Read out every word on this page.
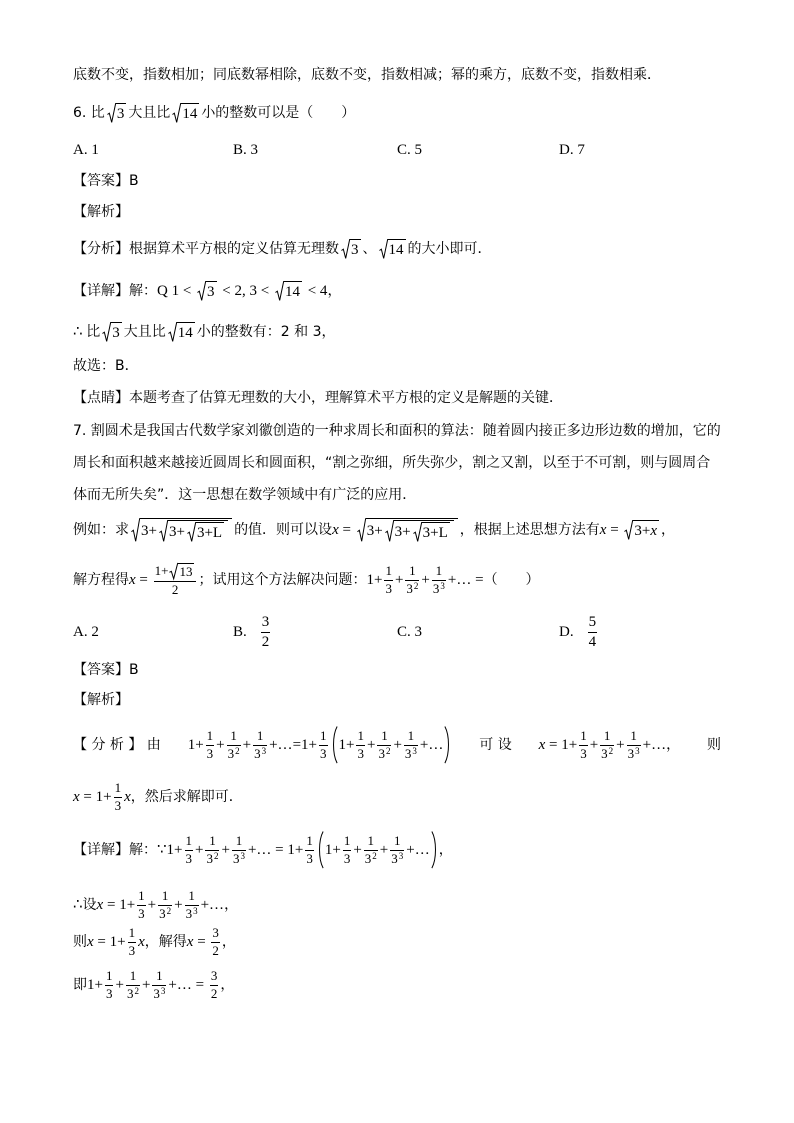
底数不变，指数相加；同底数幂相除，底数不变，指数相减；幂的乘方，底数不变，指数相乘．
6. 比 3 大且比 14 小的整数可以是（　　）
A. 1	B. 3	C. 5	D. 7
【答案】B
【解析】
【分析】根据算术平方根的定义估算无理数 3 、 14 的大小即可．
【详解】解： Q 1 < 3 < 2, 3 < 14 < 4 ，
∴ 比 3 大且比 14 小的整数有：2 和 3，
故选：B．
【点睛】本题考查了估算无理数的大小，理解算术平方根的定义是解题的关键．
7. 割圆术是我国古代数学家刘徽创造的一种求周长和面积的算法：随着圆内接正多边形边数的增加，它的
周长和面积越来越接近圆周长和圆面积，“割之弥细，所失弥少，割之又割，以至于不可割，则与圆周合
体而无所失矣”．这一思想在数学领域中有广泛的应用．
例如：求 3+ 3+ 3+L 的值．则可以设 x = 3+ 3+ 3+L ，根据上述思想方法有 x = 3+ x ，
解方程得 $x = \frac{1+ 13}{2}$ ；试用这个方法解决问题： $1+ \frac{1}{3} + \frac{1}{3 2} + \frac{1}{3 3}$ +… = （　　）
A. 2	B. $\frac{3}{2}$	C. 3	D. $\frac{5}{4}$
【答案】B
【解析】
【 分 析 】 由 $1+ \frac{1}{3} + \frac{1}{3 2} + \frac{1}{3 3}$ +… = $1+ \frac{1}{3} 1+ \frac{1}{3} + \frac{1}{3 2} + \frac{1}{3 3}$ +…	可 设 $x = 1+ \frac{1}{3} + \frac{1}{3 2} + \frac{1}{3 3}$ +… ， 则
$x = 1+ \frac{1}{3}$ x ，然后求解即可．
【详解】解： ∵ $1+ \frac{1}{3} + \frac{1}{3 2} + \frac{1}{3 3}$ +… = $1+ \frac{1}{3} 1+ \frac{1}{3} + \frac{1}{3 2} + \frac{1}{3 3}$ +… ，
∴ 设 $x = 1+ \frac{1}{3} + \frac{1}{3 2} + \frac{1}{3 3}$ +… ，
则 $x = 1+ \frac{1}{3}$ x ，解得 $x = \frac{3}{2}$ ，
即 $1+ \frac{1}{3} + \frac{1}{3 2} + \frac{1}{3 3}$ +… = $\frac{3}{2}$ ，
